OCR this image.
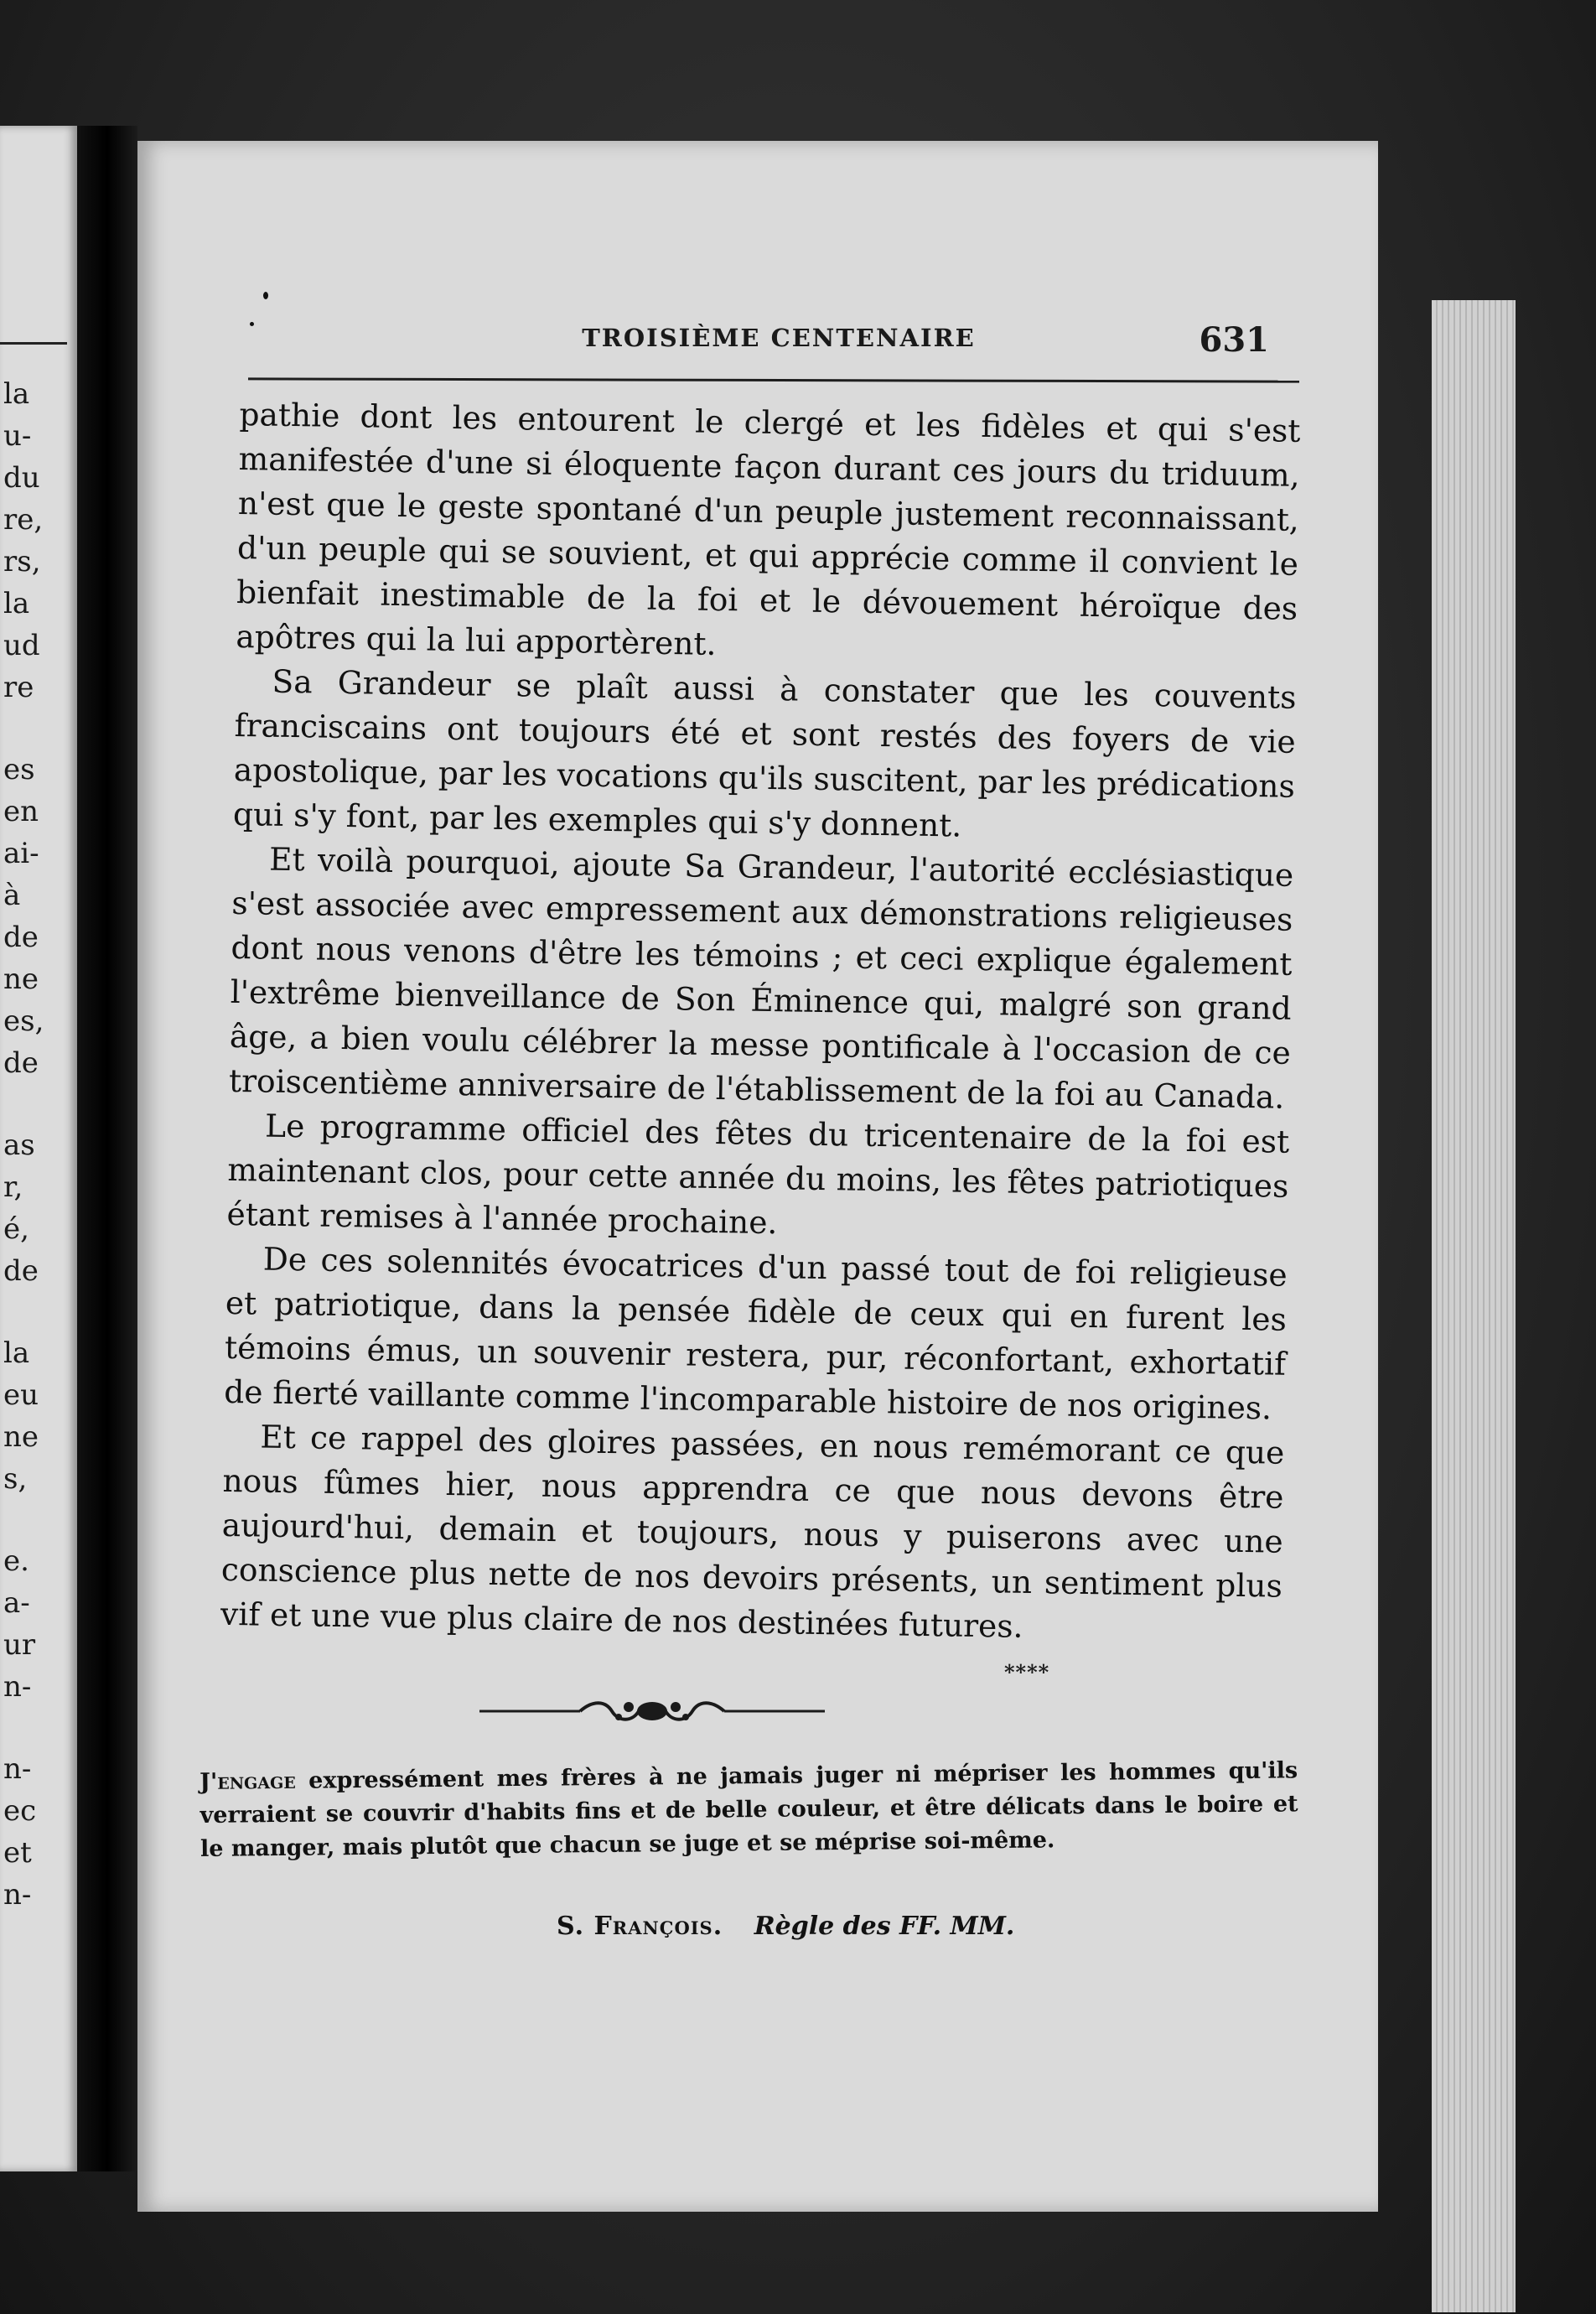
la
u-
du
re,
rs,
la
ud
re
es
en
ai-
à
de
ne
es,
de
as
r,
é,
de
la
eu
ne
s,
e.
a-
ur
n-
n-
ec
et
n-
TROISIÈME CENTENAIRE	631

pathie dont les entourent le clergé et les fidèles et qui s'est manifestée d'une si éloquente façon durant ces jours du triduum, n'est que le geste spontané d'un peuple justement reconnaissant, d'un peuple qui se souvient, et qui apprécie comme il convient le bienfait inestimable de la foi et le dévouement héroïque des apôtres qui la lui apportèrent.

Sa Grandeur se plaît aussi à constater que les couvents franciscains ont toujours été et sont restés des foyers de vie apostolique, par les vocations qu'ils suscitent, par les prédications qui s'y font, par les exemples qui s'y donnent.

Et voilà pourquoi, ajoute Sa Grandeur, l'autorité ecclésiastique s'est associée avec empressement aux démonstrations religieuses dont nous venons d'être les témoins ; et ceci explique également l'extrême bienveillance de Son Éminence qui, malgré son grand âge, a bien voulu célébrer la messe pontificale à l'occasion de ce troiscentième anniversaire de l'établissement de la foi au Canada.

Le programme officiel des fêtes du tricentenaire de la foi est maintenant clos, pour cette année du moins, les fêtes patriotiques étant remises à l'année prochaine.

De ces solennités évocatrices d'un passé tout de foi religieuse et patriotique, dans la pensée fidèle de ceux qui en furent les témoins émus, un souvenir restera, pur, réconfortant, exhortatif de fierté vaillante comme l'incomparable histoire de nos origines.

Et ce rappel des gloires passées, en nous remémorant ce que nous fûmes hier, nous apprendra ce que nous devons être aujourd'hui, demain et toujours, nous y puiserons avec une conscience plus nette de nos devoirs présents, un sentiment plus vif et une vue plus claire de nos destinées futures.

****
J'engage expressément mes frères à ne jamais juger ni mépriser les hommes qu'ils verraient se couvrir d'habits fins et de belle couleur, et être délicats dans le boire et le manger, mais plutôt que chacun se juge et se méprise soi-même.
S. François. Règle des FF. MM.
